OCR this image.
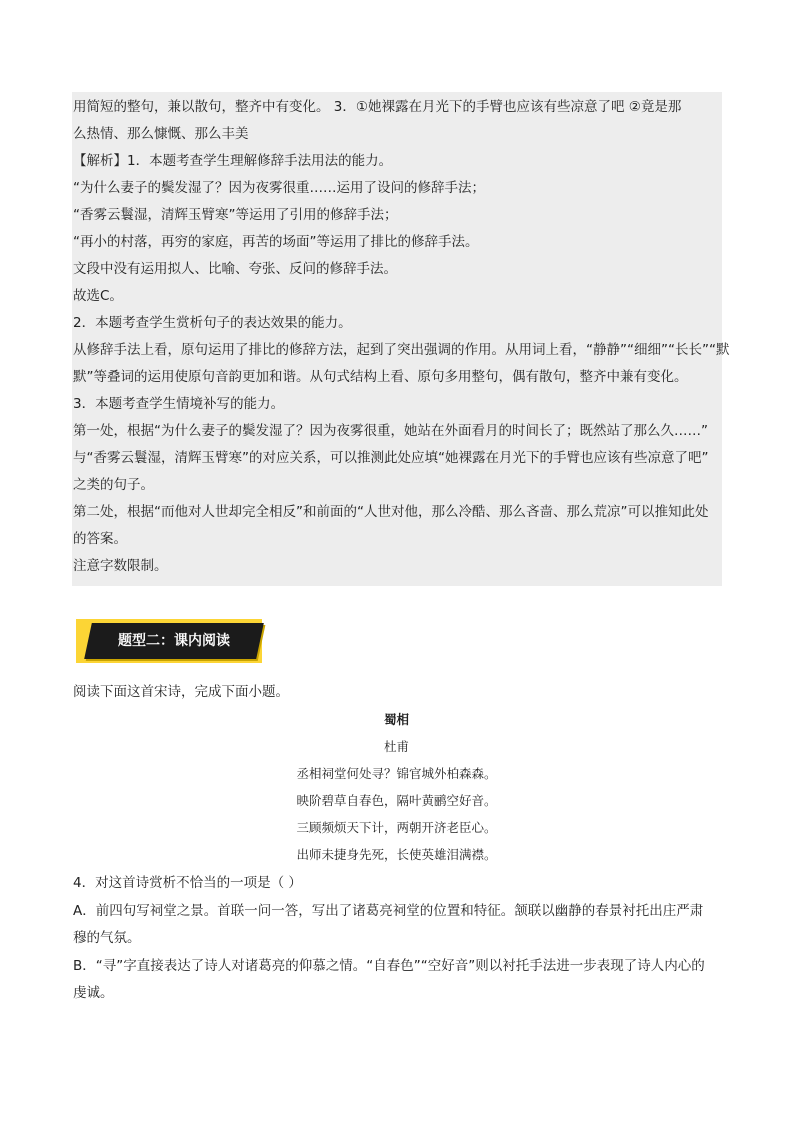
用简短的整句，兼以散句，整齐中有变化。 3．①她裸露在月光下的手臂也应该有些凉意了吧 ②竟是那
么热情、那么慷慨、那么丰美
【解析】1．本题考查学生理解修辞手法用法的能力。
“为什么妻子的鬓发湿了？因为夜雾很重……运用了设问的修辞手法；
“香雾云鬟湿，清辉玉臂寒”等运用了引用的修辞手法；
“再小的村落，再穷的家庭，再苦的场面”等运用了排比的修辞手法。
文段中没有运用拟人、比喻、夸张、反问的修辞手法。
故选C。
2．本题考查学生赏析句子的表达效果的能力。
从修辞手法上看，原句运用了排比的修辞方法，起到了突出强调的作用。从用词上看，“静静”“细细”“长长”“默
默”等叠词的运用使原句音韵更加和谐。从句式结构上看、原句多用整句，偶有散句，整齐中兼有变化。
3．本题考查学生情境补写的能力。
第一处，根据“为什么妻子的鬓发湿了？因为夜雾很重，她站在外面看月的时间长了；既然站了那么久……”
与“香雾云鬟湿，清辉玉臂寒”的对应关系，可以推测此处应填“她裸露在月光下的手臂也应该有些凉意了吧”
之类的句子。
第二处，根据“而他对人世却完全相反”和前面的“人世对他，那么冷酷、那么吝啬、那么荒凉”可以推知此处
的答案。
注意字数限制。
题型二：课内阅读
阅读下面这首宋诗，完成下面小题。
蜀相
杜甫
丞相祠堂何处寻？锦官城外柏森森。
映阶碧草自春色，隔叶黄鹂空好音。
三顾频烦天下计，两朝开济老臣心。
出师未捷身先死，长使英雄泪满襟。
4．对这首诗赏析不恰当的一项是（ ）
A．前四句写祠堂之景。首联一问一答，写出了诸葛亮祠堂的位置和特征。颔联以幽静的春景衬托出庄严肃
穆的气氛。
B．“寻”字直接表达了诗人对诸葛亮的仰慕之情。“自春色”“空好音”则以衬托手法进一步表现了诗人内心的
虔诚。
